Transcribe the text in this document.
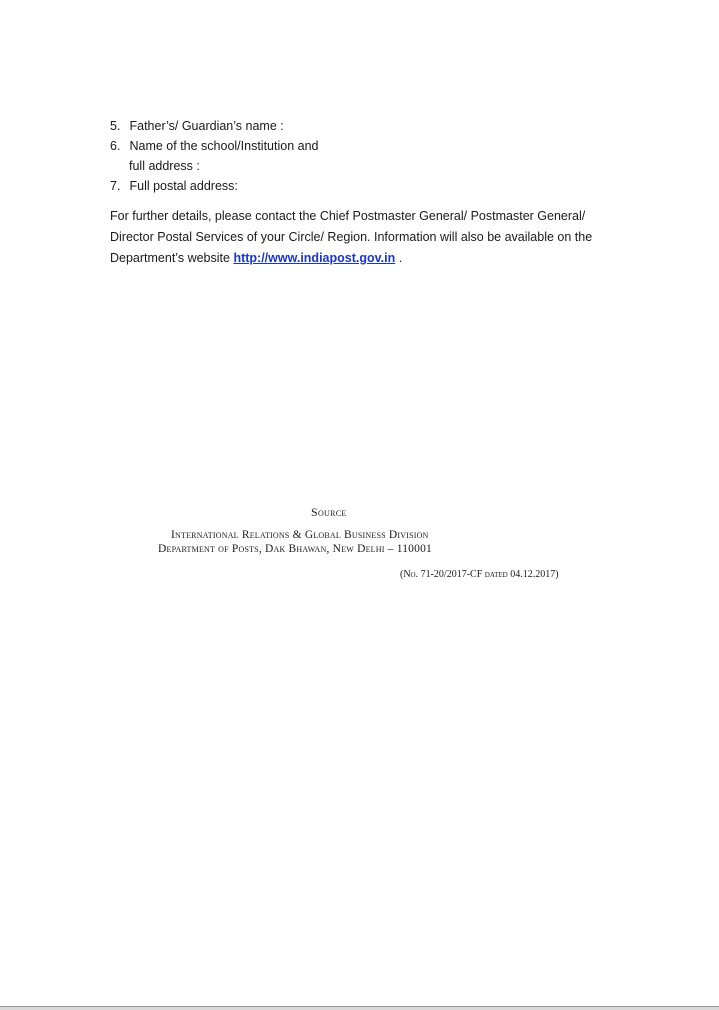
5. Father’s/ Guardian’s name :
6. Name of the school/Institution and
full address :
7. Full postal address:

For further details, please contact the Chief Postmaster General/ Postmaster General/

Director Postal Services of your Circle/ Region. Information will also be available on the

Department’s website http://www.indiapost.gov.in .

Source
International Relations & Global Business Division
Department of Posts, Dak Bhawan, New Delhi – 110001
(No. 71-20/2017-CF dated 04.12.2017)
